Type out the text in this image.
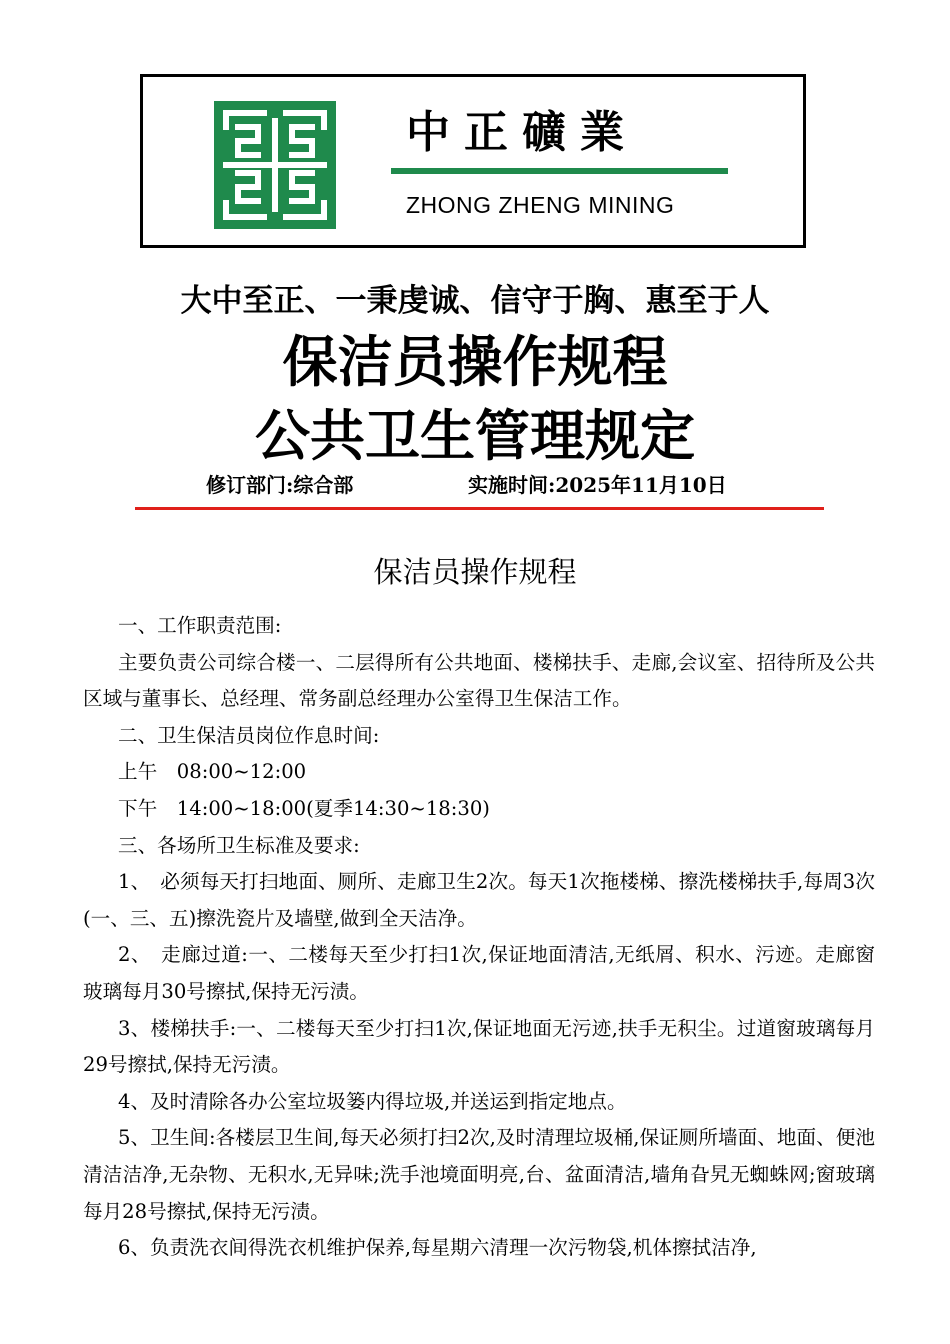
中正礦業
ZHONG ZHENG MINING
大中至正、一秉虔诚、信守于胸、惠至于人
保洁员操作规程
公共卫生管理规定
修订部门:综合部	实施时间:2025年11月10日
保洁员操作规程

一、工作职责范围:

主要负责公司综合楼一、二层得所有公共地面、楼梯扶手、走廊,会议室、招待所及公共区域与董事长、总经理、常务副总经理办公室得卫生保洁工作。

二、卫生保洁员岗位作息时间:

上午　08:00~12:00

下午　14:00~18:00(夏季14:30~18:30)

三、各场所卫生标准及要求:

1、　必须每天打扫地面、厕所、走廊卫生2次。每天1次拖楼梯、擦洗楼梯扶手,每周3次(一、三、五)擦洗瓷片及墙壁,做到全天洁净。

2、　走廊过道:一、二楼每天至少打扫1次,保证地面清洁,无纸屑、积水、污迹。走廊窗玻璃每月30号擦拭,保持无污渍。

3、楼梯扶手:一、二楼每天至少打扫1次,保证地面无污迹,扶手无积尘。过道窗玻璃每月29号擦拭,保持无污渍。

4、及时清除各办公室垃圾篓内得垃圾,并送运到指定地点。

5、卫生间:各楼层卫生间,每天必须打扫2次,及时清理垃圾桶,保证厕所墙面、地面、便池清洁洁净,无杂物、无积水,无异味;洗手池境面明亮,台、盆面清洁,墙角旮旯无蜘蛛网;窗玻璃每月28号擦拭,保持无污渍。

6、负责洗衣间得洗衣机维护保养,每星期六清理一次污物袋,机体擦拭洁净,
